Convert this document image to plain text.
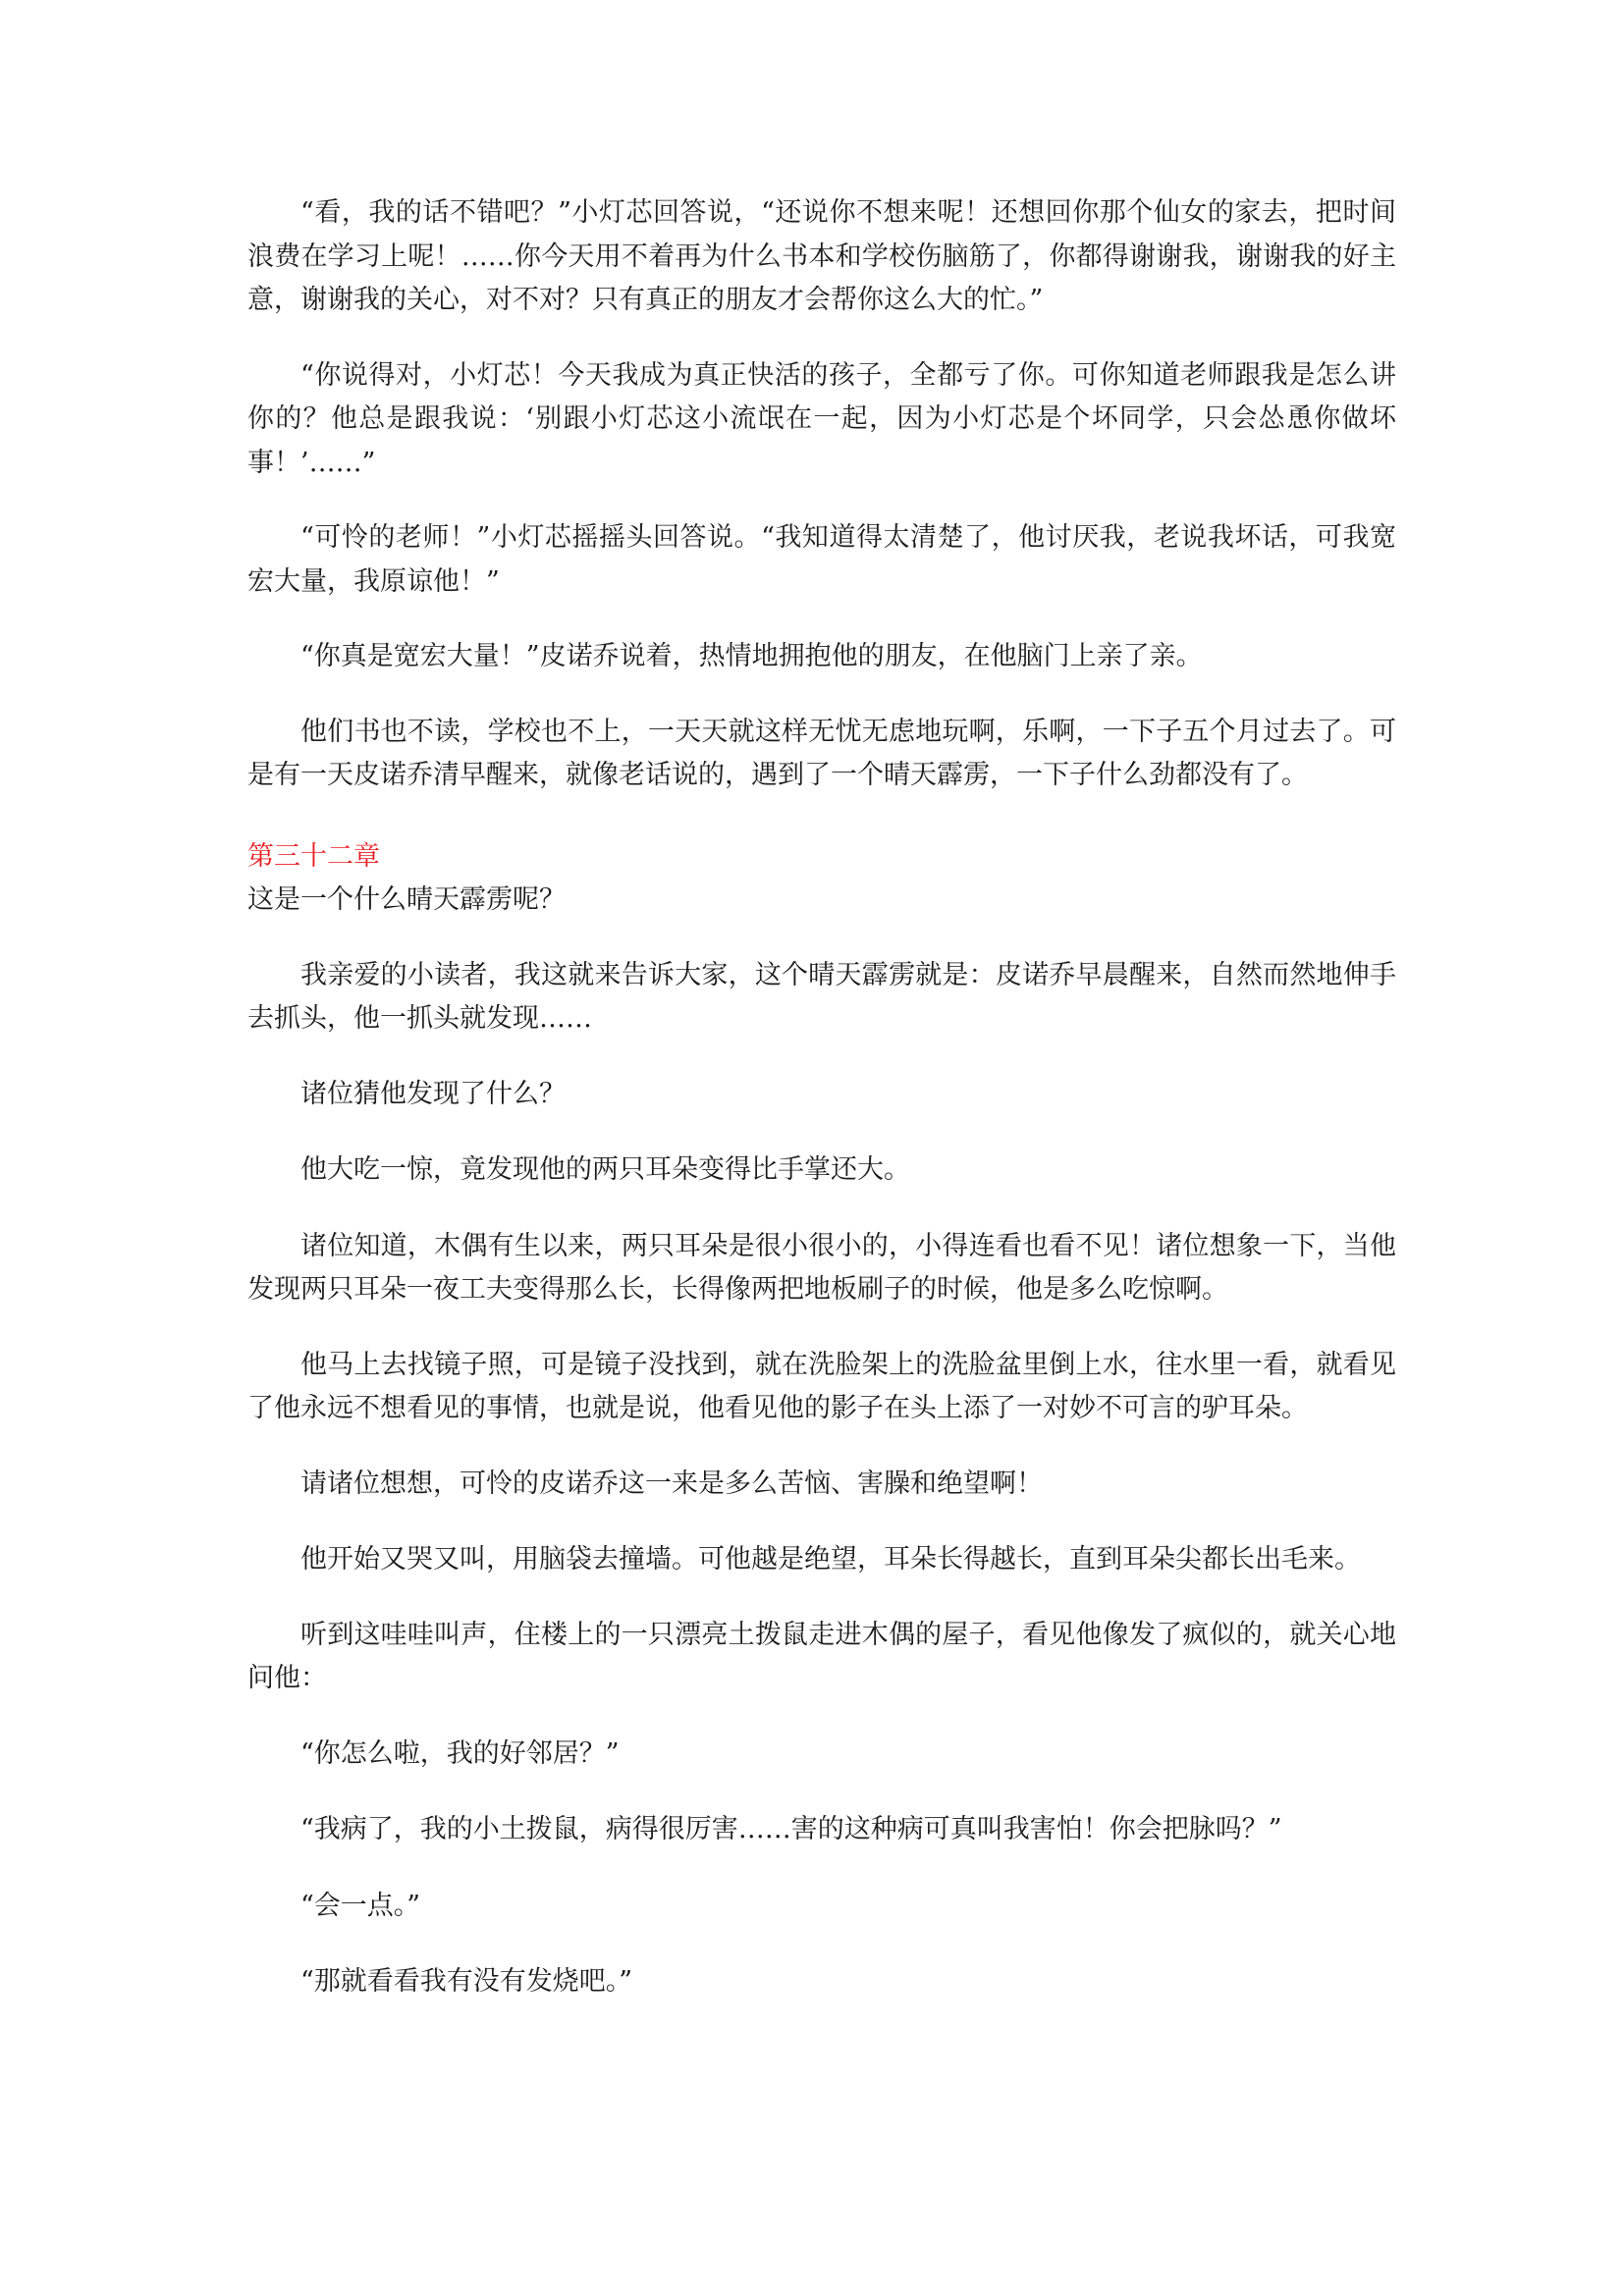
“看，我的话不错吧？”小灯芯回答说，“还说你不想来呢！还想回你那个仙女的家去，把时间浪费在学习上呢！……你今天用不着再为什么书本和学校伤脑筋了，你都得谢谢我，谢谢我的好主意，谢谢我的关心，对不对？只有真正的朋友才会帮你这么大的忙。”

“你说得对，小灯芯！今天我成为真正快活的孩子，全都亏了你。可你知道老师跟我是怎么讲你的？他总是跟我说：‘别跟小灯芯这小流氓在一起，因为小灯芯是个坏同学，只会怂恿你做坏事！’……”

“可怜的老师！”小灯芯摇摇头回答说。“我知道得太清楚了，他讨厌我，老说我坏话，可我宽宏大量，我原谅他！”

“你真是宽宏大量！”皮诺乔说着，热情地拥抱他的朋友，在他脑门上亲了亲。

他们书也不读，学校也不上，一天天就这样无忧无虑地玩啊，乐啊，一下子五个月过去了。可是有一天皮诺乔清早醒来，就像老话说的，遇到了一个晴天霹雳，一下子什么劲都没有了。

第三十二章

这是一个什么晴天霹雳呢？

我亲爱的小读者，我这就来告诉大家，这个晴天霹雳就是：皮诺乔早晨醒来，自然而然地伸手去抓头，他一抓头就发现……

诸位猜他发现了什么？

他大吃一惊，竟发现他的两只耳朵变得比手掌还大。

诸位知道，木偶有生以来，两只耳朵是很小很小的，小得连看也看不见！诸位想象一下，当他发现两只耳朵一夜工夫变得那么长，长得像两把地板刷子的时候，他是多么吃惊啊。

他马上去找镜子照，可是镜子没找到，就在洗脸架上的洗脸盆里倒上水，往水里一看，就看见了他永远不想看见的事情，也就是说，他看见他的影子在头上添了一对妙不可言的驴耳朵。

请诸位想想，可怜的皮诺乔这一来是多么苦恼、害臊和绝望啊！

他开始又哭又叫，用脑袋去撞墙。可他越是绝望，耳朵长得越长，直到耳朵尖都长出毛来。

听到这哇哇叫声，住楼上的一只漂亮土拨鼠走进木偶的屋子，看见他像发了疯似的，就关心地问他：

“你怎么啦，我的好邻居？”

“我病了，我的小土拨鼠，病得很厉害……害的这种病可真叫我害怕！你会把脉吗？”

“会一点。”

“那就看看我有没有发烧吧。”
